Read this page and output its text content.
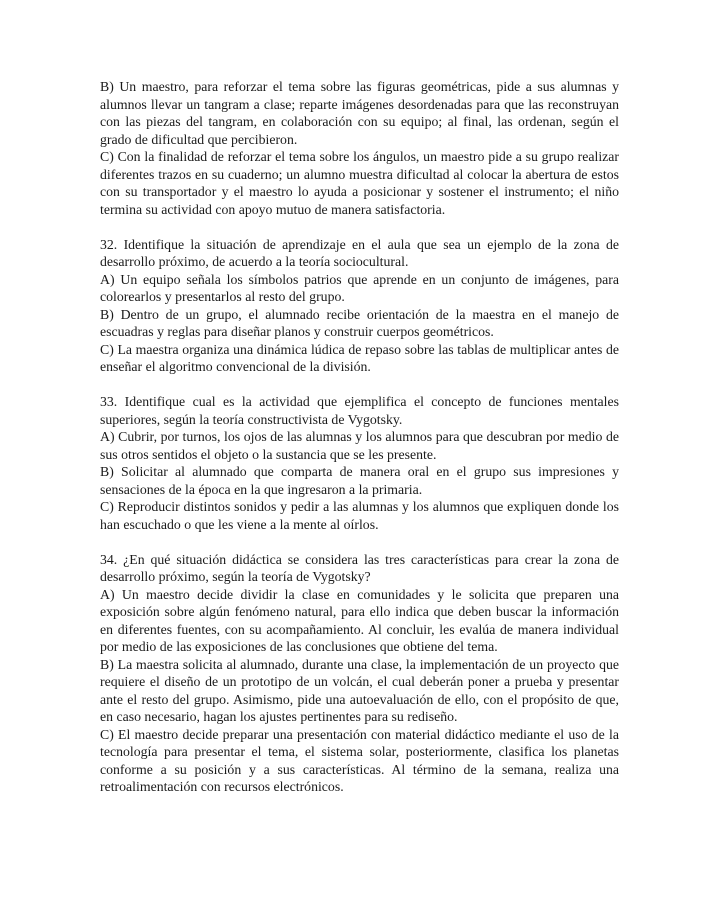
B) Un maestro, para reforzar el tema sobre las figuras geométricas, pide a sus alumnas y alumnos llevar un tangram a clase; reparte imágenes desordenadas para que las reconstruyan con las piezas del tangram, en colaboración con su equipo; al final, las ordenan, según el grado de dificultad que percibieron.

C) Con la finalidad de reforzar el tema sobre los ángulos, un maestro pide a su grupo realizar diferentes trazos en su cuaderno; un alumno muestra dificultad al colocar la abertura de estos con su transportador y el maestro lo ayuda a posicionar y sostener el instrumento; el niño termina su actividad con apoyo mutuo de manera satisfactoria.

32. Identifique la situación de aprendizaje en el aula que sea un ejemplo de la zona de desarrollo próximo, de acuerdo a la teoría sociocultural.

A) Un equipo señala los símbolos patrios que aprende en un conjunto de imágenes, para colorearlos y presentarlos al resto del grupo.

B) Dentro de un grupo, el alumnado recibe orientación de la maestra en el manejo de escuadras y reglas para diseñar planos y construir cuerpos geométricos.

C) La maestra organiza una dinámica lúdica de repaso sobre las tablas de multiplicar antes de enseñar el algoritmo convencional de la división.

33. Identifique cual es la actividad que ejemplifica el concepto de funciones mentales superiores, según la teoría constructivista de Vygotsky.

A) Cubrir, por turnos, los ojos de las alumnas y los alumnos para que descubran por medio de sus otros sentidos el objeto o la sustancia que se les presente.

B) Solicitar al alumnado que comparta de manera oral en el grupo sus impresiones y sensaciones de la época en la que ingresaron a la primaria.

C) Reproducir distintos sonidos y pedir a las alumnas y los alumnos que expliquen donde los han escuchado o que les viene a la mente al oírlos.

34. ¿En qué situación didáctica se considera las tres características para crear la zona de desarrollo próximo, según la teoría de Vygotsky?

A) Un maestro decide dividir la clase en comunidades y le solicita que preparen una exposición sobre algún fenómeno natural, para ello indica que deben buscar la información en diferentes fuentes, con su acompañamiento. Al concluir, les evalúa de manera individual por medio de las exposiciones de las conclusiones que obtiene del tema.

B) La maestra solicita al alumnado, durante una clase, la implementación de un proyecto que requiere el diseño de un prototipo de un volcán, el cual deberán poner a prueba y presentar ante el resto del grupo. Asimismo, pide una autoevaluación de ello, con el propósito de que, en caso necesario, hagan los ajustes pertinentes para su rediseño.

C) El maestro decide preparar una presentación con material didáctico mediante el uso de la tecnología para presentar el tema, el sistema solar, posteriormente, clasifica los planetas conforme a su posición y a sus características. Al término de la semana, realiza una retroalimentación con recursos electrónicos.
